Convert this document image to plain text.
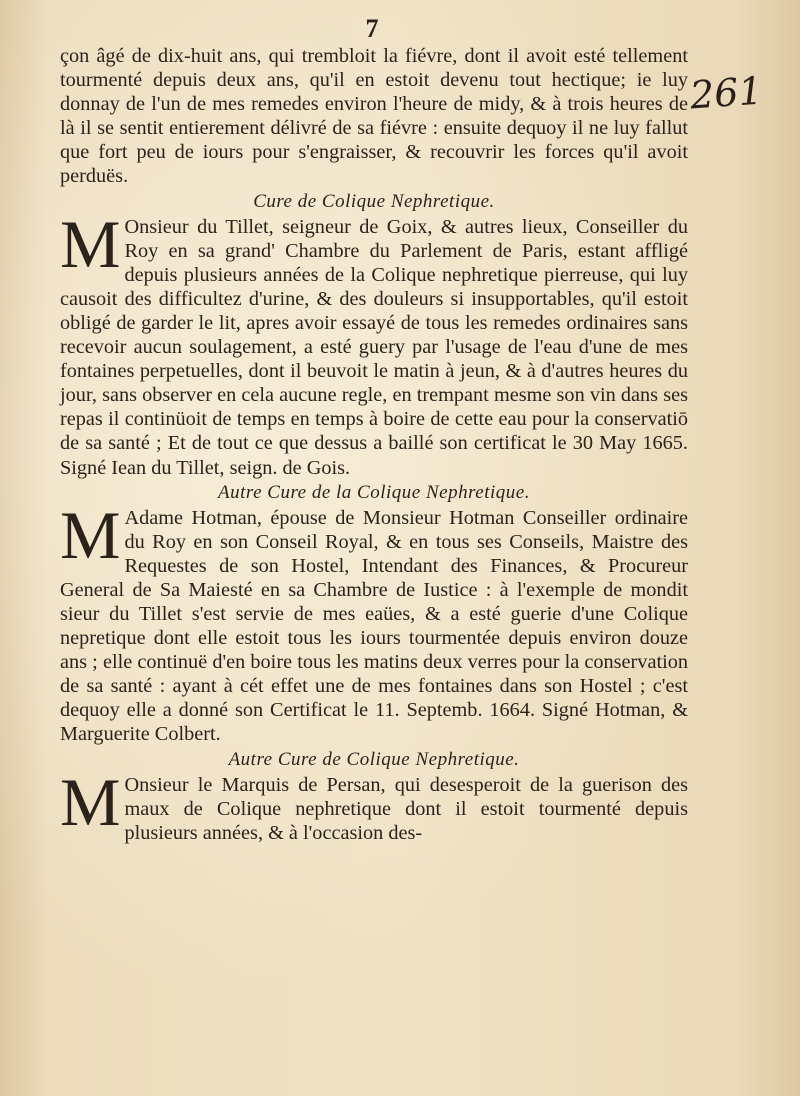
7
261

çon âgé de dix-huit ans, qui trembloit la fiévre, dont il avoit esté tellement tourmenté depuis deux ans, qu'il en estoit devenu tout hectique; ie luy donnay de l'un de mes remedes environ l'heure de midy, & à trois heures de là il se sentit entierement délivré de sa fiévre : ensuite dequoy il ne luy fallut que fort peu de iours pour s'engraisser, & recouvrir les forces qu'il avoit perduës.

Cure de Colique Nephretique.

M Onsieur du Tillet, seigneur de Goix, & autres lieux, Conseiller du Roy en sa grand' Chambre du Parlement de Paris, estant affligé depuis plusieurs années de la Colique nephretique pierreuse, qui luy causoit des difficultez d'urine, & des douleurs si insupportables, qu'il estoit obligé de garder le lit, apres avoir essayé de tous les remedes ordinaires sans recevoir aucun soulagement, a esté guery par l'usage de l'eau d'une de mes fontaines perpetuelles, dont il beuvoit le matin à jeun, & à d'autres heures du jour, sans observer en cela aucune regle, en trempant mesme son vin dans ses repas il continüoit de temps en temps à boire de cette eau pour la conservatiō de sa santé ; Et de tout ce que dessus a baillé son certificat le 30 May 1665. Signé Iean du Tillet, seign. de Gois.

Autre Cure de la Colique Nephretique.

M Adame Hotman, épouse de Monsieur Hotman Conseiller ordinaire du Roy en son Conseil Royal, & en tous ses Conseils, Maistre des Requestes de son Hostel, Intendant des Finances, & Procureur General de Sa Maiesté en sa Chambre de Iustice : à l'exemple de mondit sieur du Tillet s'est servie de mes eaües, & a esté guerie d'une Colique nepretique dont elle estoit tous les iours tourmentée depuis environ douze ans ; elle continuë d'en boire tous les matins deux verres pour la conservation de sa santé : ayant à cét effet une de mes fontaines dans son Hostel ; c'est dequoy elle a donné son Certificat le 11. Septemb. 1664. Signé Hotman, & Marguerite Colbert.

Autre Cure de Colique Nephretique.

M Onsieur le Marquis de Persan, qui desesperoit de la guerison des maux de Colique nephretique dont il estoit tourmenté depuis plusieurs années, & à l'occasion des-
